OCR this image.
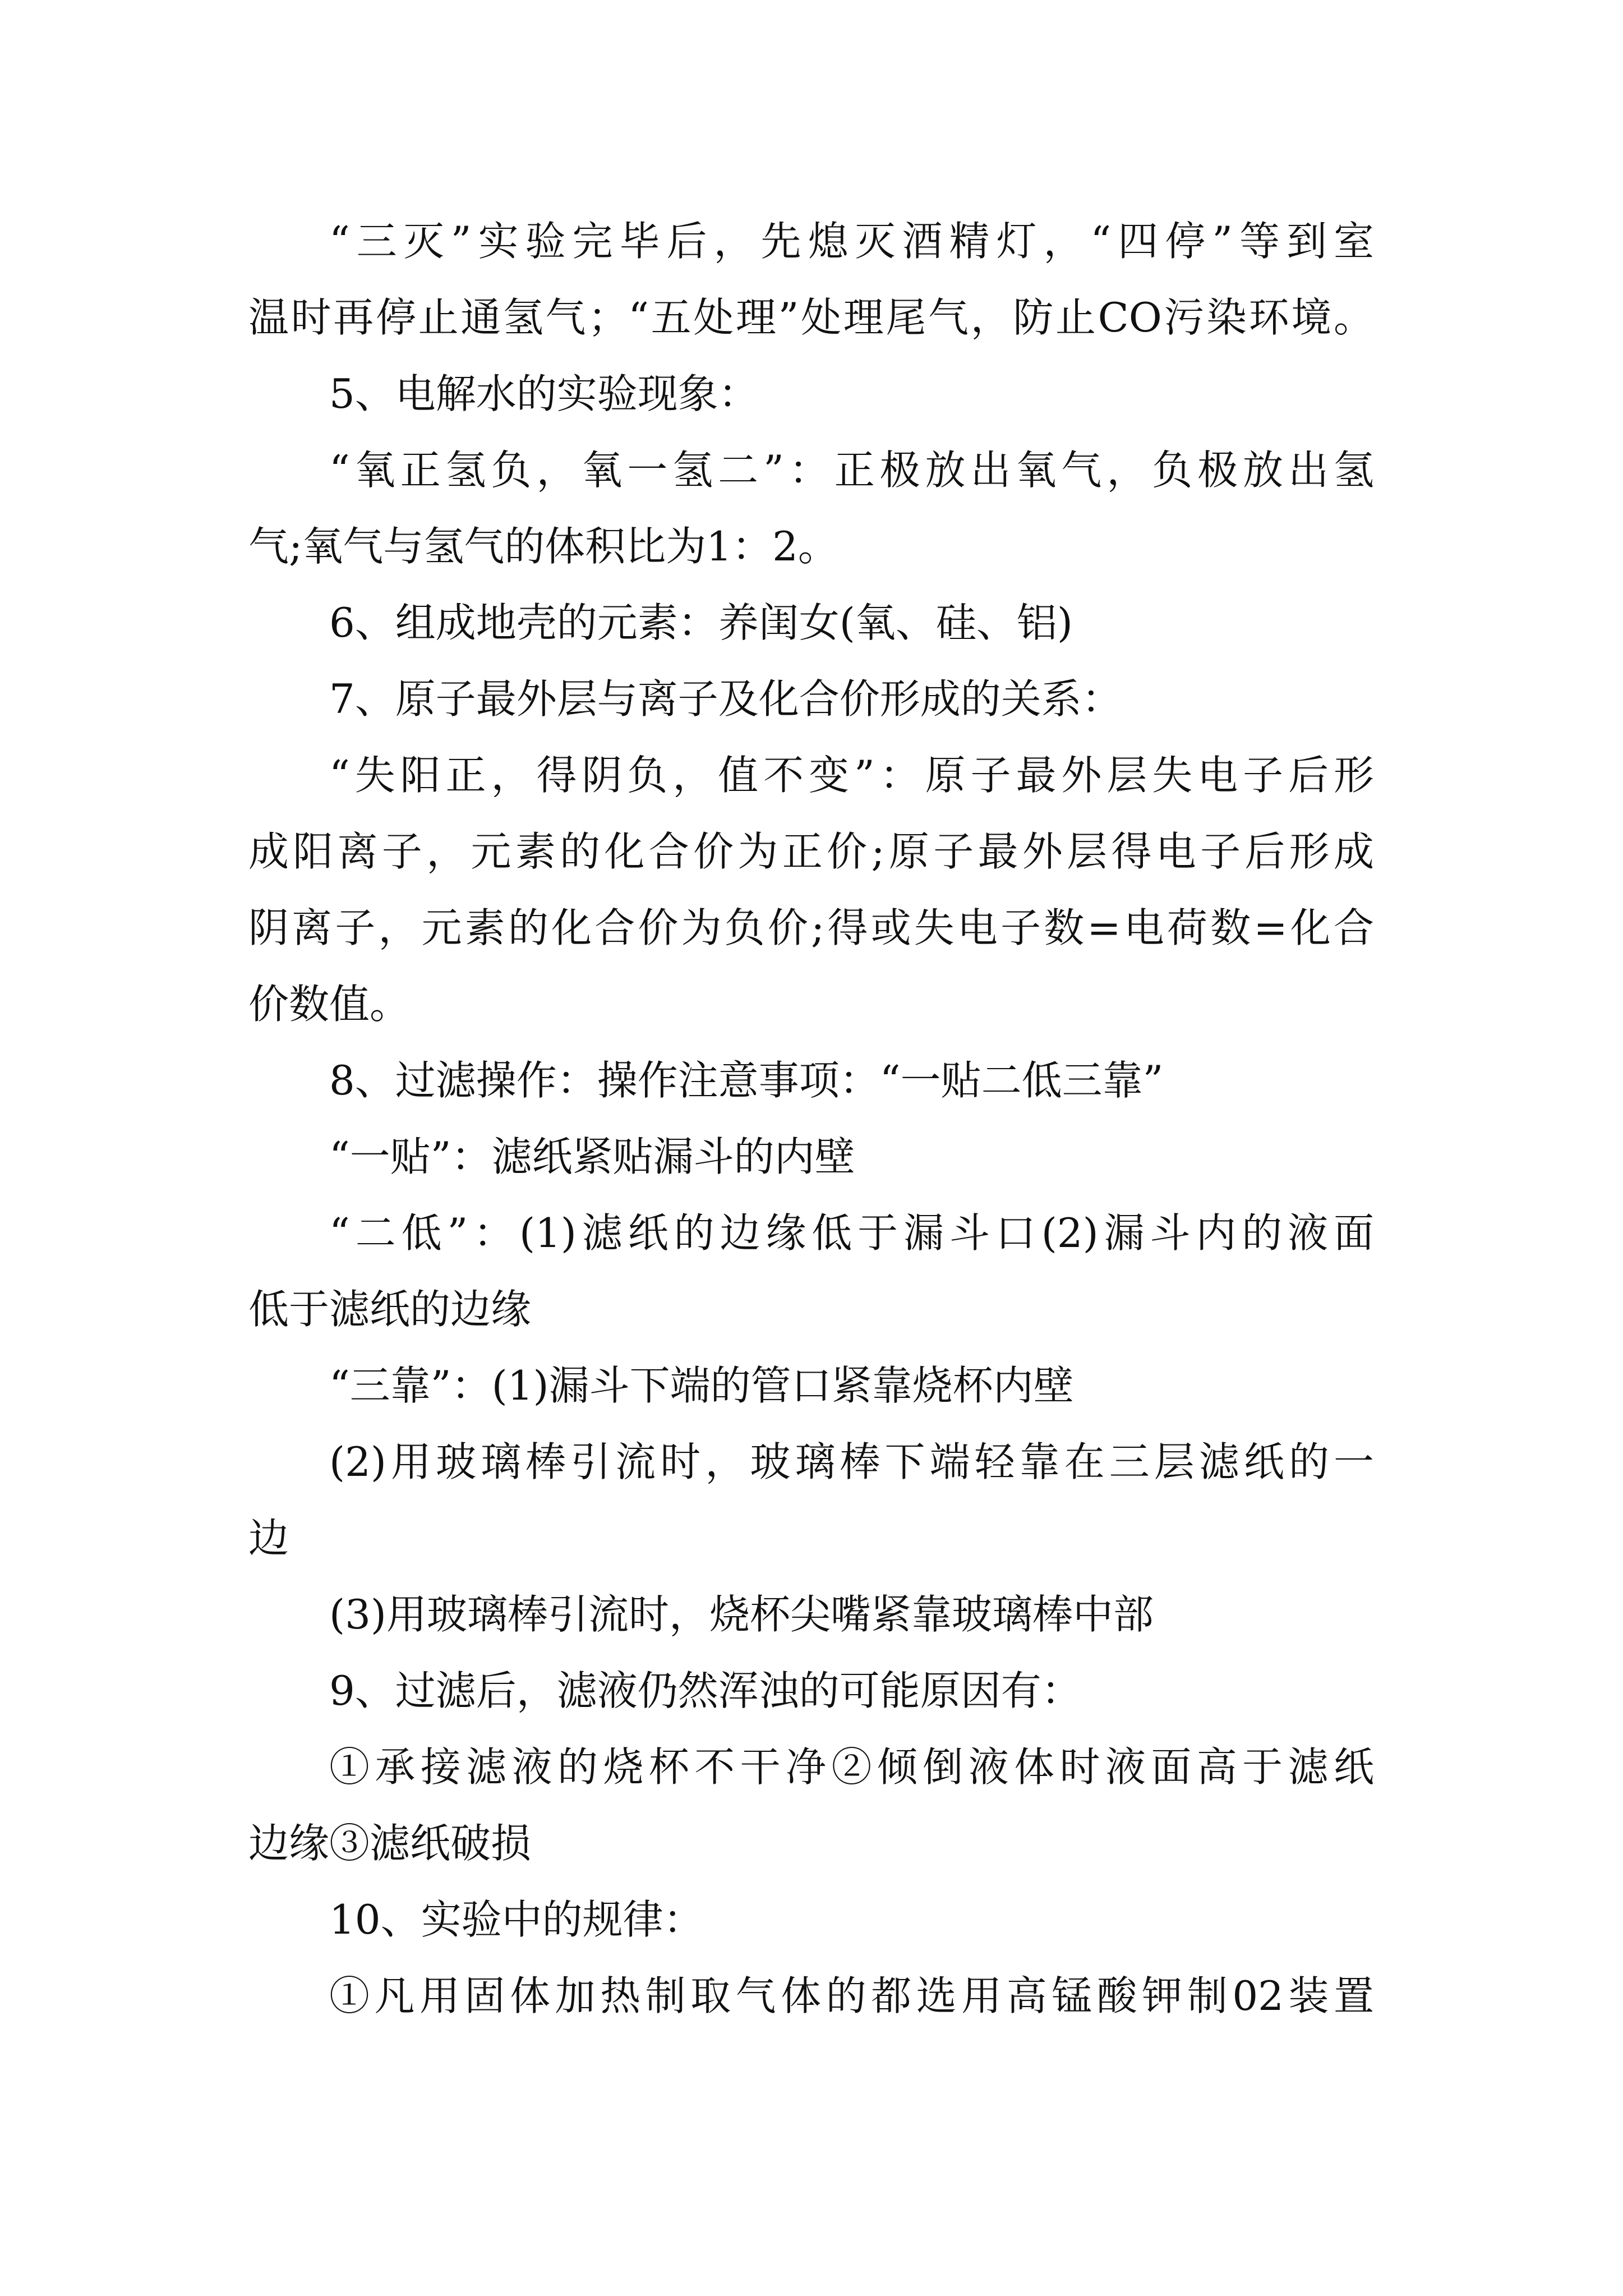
“三灭”实验完毕后，先熄灭酒精灯，“四停”等到室
温时再停止通氢气；“五处理”处理尾气，防止CO污染环境。
5、电解水的实验现象：
“氧正氢负，氧一氢二”：正极放出氧气，负极放出氢
气;氧气与氢气的体积比为1：2。
6、组成地壳的元素：养闺女(氧、硅、铝)
7、原子最外层与离子及化合价形成的关系：
“失阳正，得阴负，值不变”：原子最外层失电子后形
成阳离子，元素的化合价为正价;原子最外层得电子后形成
阴离子，元素的化合价为负价;得或失电子数=电荷数=化合
价数值。
8、过滤操作：操作注意事项：“一贴二低三靠”
“一贴”：滤纸紧贴漏斗的内壁
“二低”：(1)滤纸的边缘低于漏斗口(2)漏斗内的液面
低于滤纸的边缘
“三靠”：(1)漏斗下端的管口紧靠烧杯内壁
(2)用玻璃棒引流时，玻璃棒下端轻靠在三层滤纸的一
边
(3)用玻璃棒引流时，烧杯尖嘴紧靠玻璃棒中部
9、过滤后，滤液仍然浑浊的可能原因有：
①承接滤液的烧杯不干净②倾倒液体时液面高于滤纸
边缘③滤纸破损
10、实验中的规律：
①凡用固体加热制取气体的都选用高锰酸钾制02装置
